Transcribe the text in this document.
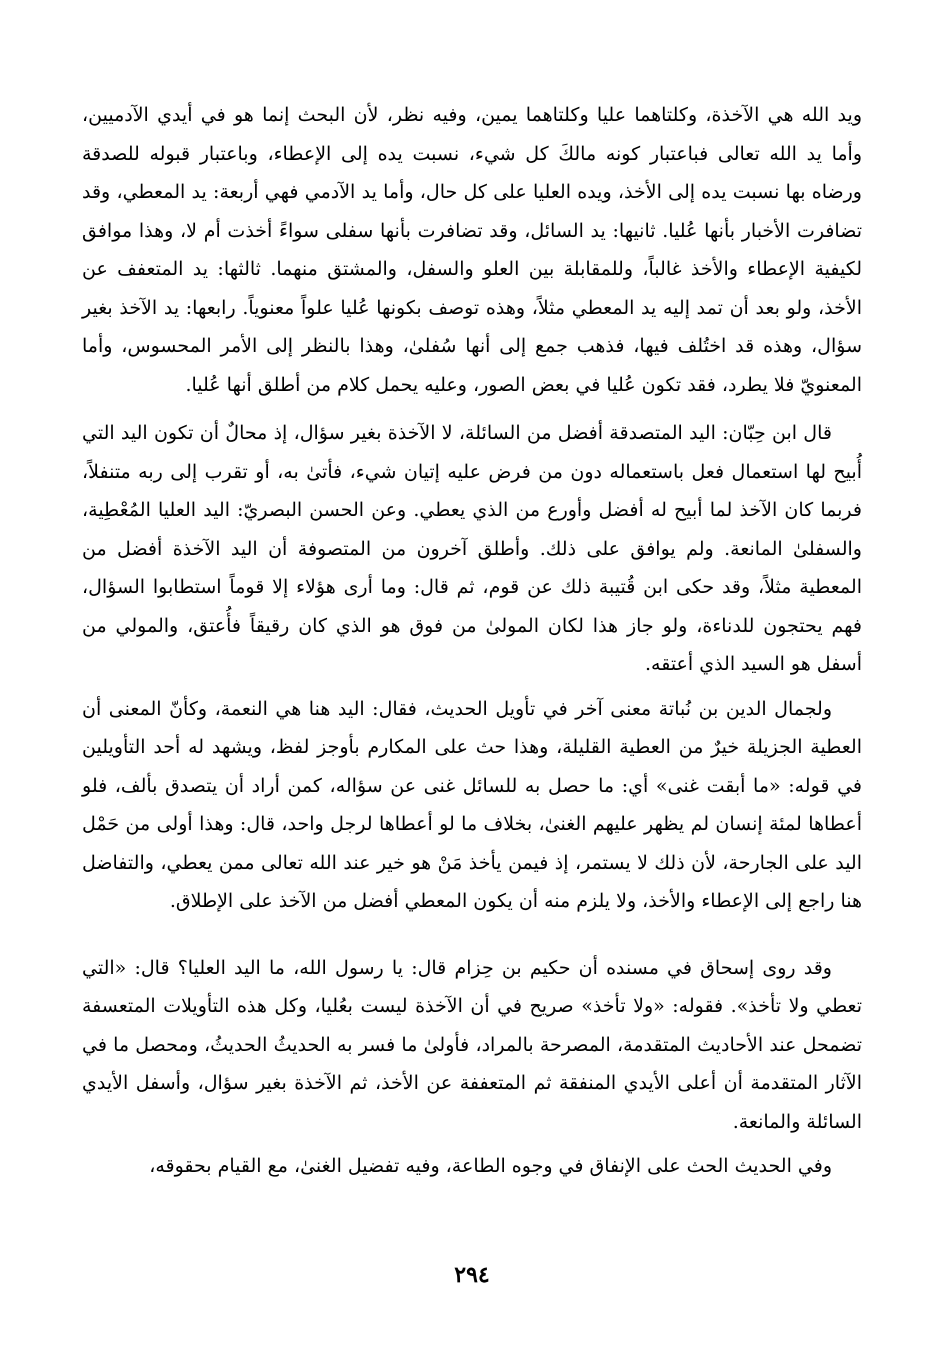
ويد الله هي الآخذة، وكلتاهما عليا وكلتاهما يمين، وفيه نظر، لأن البحث إنما هو في أيدي الآدميين، وأما يد الله تعالى فباعتبار كونه مالكَ كل شيء، نسبت يده إلى الإعطاء، وباعتبار قبوله للصدقة ورضاه بها نسبت يده إلى الأخذ، ويده العليا على كل حال، وأما يد الآدمي فهي أربعة: يد المعطي، وقد تضافرت الأخبار بأنها عُليا. ثانيها: يد السائل، وقد تضافرت بأنها سفلى سواءً أخذت أم لا، وهذا موافق لكيفية الإعطاء والأخذ غالباً، وللمقابلة بين العلو والسفل، والمشتق منهما. ثالثها: يد المتعفف عن الأخذ، ولو بعد أن تمد إليه يد المعطي مثلاً، وهذه توصف بكونها عُليا علواً معنوياً. رابعها: يد الآخذ بغير سؤال، وهذه قد اختُلف فيها، فذهب جمع إلى أنها سُفلىٰ، وهذا بالنظر إلى الأمر المحسوس، وأما المعنويّ فلا يطرد، فقد تكون عُليا في بعض الصور، وعليه يحمل كلام من أطلق أنها عُليا.

قال ابن حِبّان: اليد المتصدقة أفضل من السائلة، لا الآخذة بغير سؤال، إذ محالٌ أن تكون اليد التي أُبيح لها استعمال فعل باستعماله دون من فرض عليه إتيان شيء، فأتىٰ به، أو تقرب إلى ربه متنفلاً، فربما كان الآخذ لما أبيح له أفضل وأورع من الذي يعطي. وعن الحسن البصريّ: اليد العليا المُعْطِية، والسفلىٰ المانعة. ولم يوافق على ذلك. وأطلق آخرون من المتصوفة أن اليد الآخذة أفضل من المعطية مثلاً، وقد حكى ابن قُتيبة ذلك عن قوم، ثم قال: وما أرى هؤلاء إلا قوماً استطابوا السؤال، فهم يحتجون للدناءة، ولو جاز هذا لكان المولىٰ من فوق هو الذي كان رقيقاً فأُعتق، والمولي من أسفل هو السيد الذي أعتقه.

ولجمال الدين بن نُباتة معنى آخر في تأويل الحديث، فقال: اليد هنا هي النعمة، وكأنّ المعنى أن العطية الجزيلة خيرٌ من العطية القليلة، وهذا حث على المكارم بأوجز لفظ، ويشهد له أحد التأويلين في قوله: «ما أبقت غنى» أي: ما حصل به للسائل غنى عن سؤاله، كمن أراد أن يتصدق بألف، فلو أعطاها لمئة إنسان لم يظهر عليهم الغنىٰ، بخلاف ما لو أعطاها لرجل واحد، قال: وهذا أولى من حَمْل اليد على الجارحة، لأن ذلك لا يستمر، إذ فيمن يأخذ مَنْ هو خير عند الله تعالى ممن يعطي، والتفاضل هنا راجع إلى الإعطاء والأخذ، ولا يلزم منه أن يكون المعطي أفضل من الآخذ على الإطلاق.

وقد روى إسحاق في مسنده أن حكيم بن حِزام قال: يا رسول الله، ما اليد العليا؟ قال: «التي تعطي ولا تأخذ». فقوله: «ولا تأخذ» صريح في أن الآخذة ليست بعُليا، وكل هذه التأويلات المتعسفة تضمحل عند الأحاديث المتقدمة، المصرحة بالمراد، فأولىٰ ما فسر به الحديثُ الحديثُ، ومحصل ما في الآثار المتقدمة أن أعلى الأيدي المنفقة ثم المتعففة عن الأخذ، ثم الآخذة بغير سؤال، وأسفل الأيدي السائلة والمانعة.

وفي الحديث الحث على الإنفاق في وجوه الطاعة، وفيه تفضيل الغنىٰ، مع القيام بحقوقه،

٢٩٤
